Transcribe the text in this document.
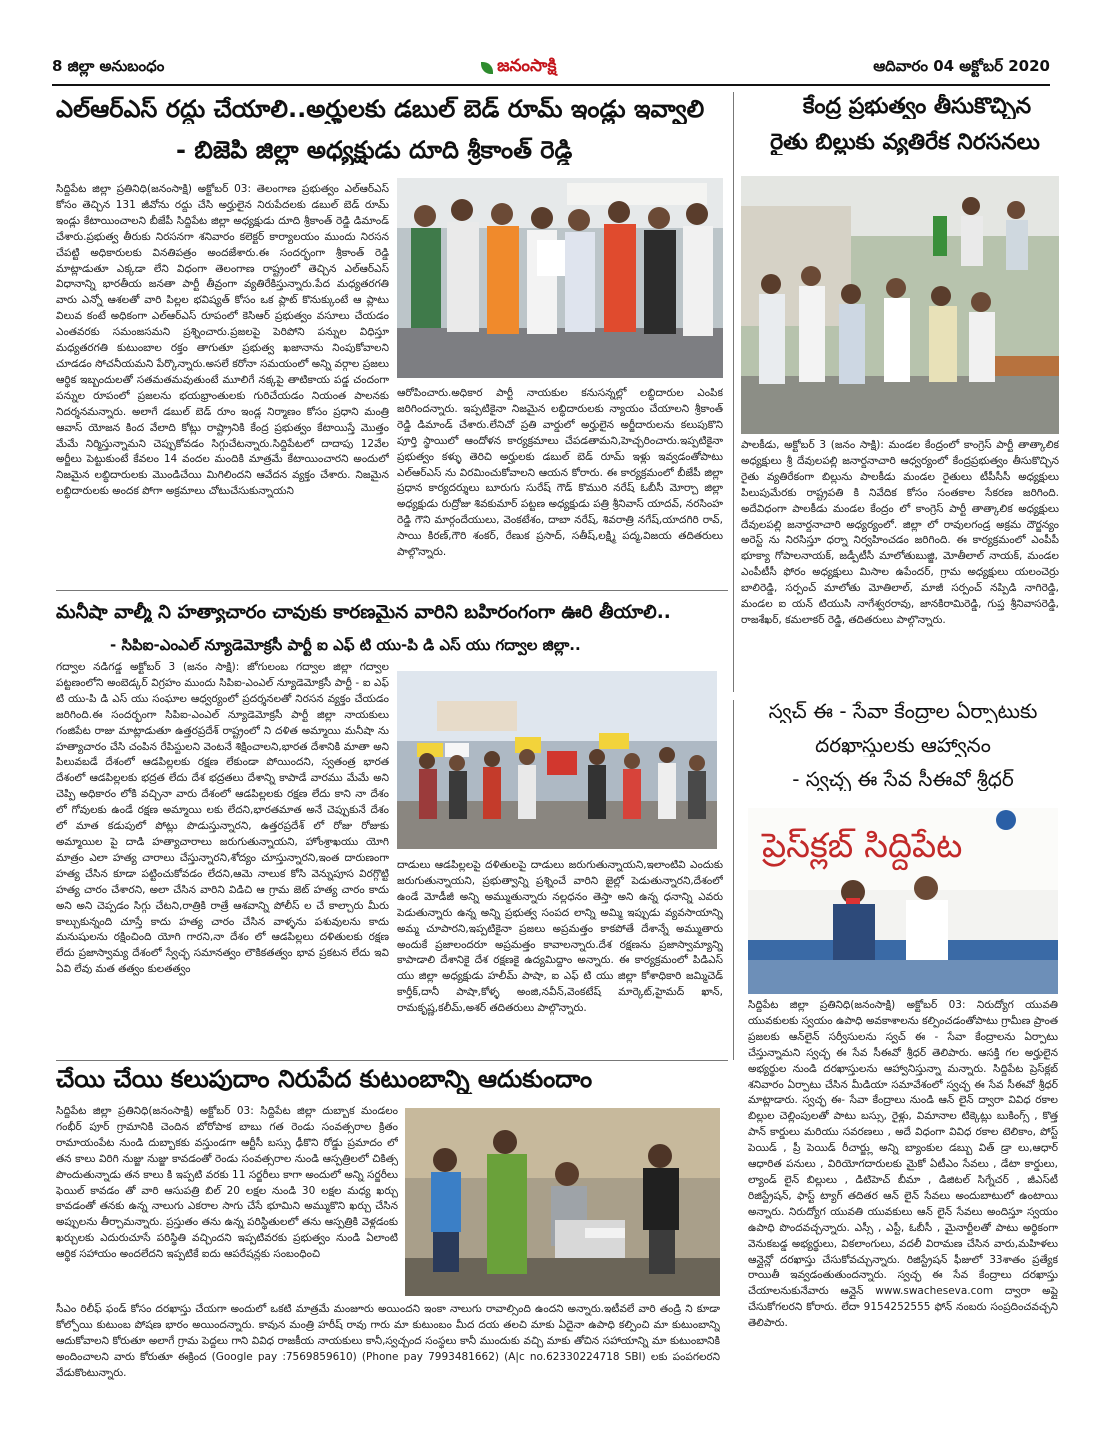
8 జిల్లా అనుబంధం	జనంసాక్షి	ఆదివారం 04 అక్టోబర్ 2020
ఎల్‌ఆర్‌ఎస్ రద్దు చేయాలి..అర్హులకు డబుల్ బెడ్ రూమ్ ఇండ్లు ఇవ్వాలి
- బిజెపి జిల్లా అధ్యక్షుడు దూది శ్రీకాంత్ రెడ్డి
సిద్దిపేట జిల్లా ప్రతినిధి(జనంసాక్షి) అక్టోబర్ 03: తెలంగాణ ప్రభుత్వం ఎల్‌ఆర్‌ఎస్ కోసం తెచ్చిన 131 జీవోను రద్దు చేసి అర్హులైన నిరుపేదలకు డబుల్ బెడ్ రూమ్ ఇండ్లు కేటాయించాలని బీజేపీ సిద్దిపేట జిల్లా అధ్యక్షుడు దూది శ్రీకాంత్ రెడ్డి డిమాండ్ చేశారు.ప్రభుత్వ తీరుకు నిరసనగా శనివారం కలెక్టర్ కార్యాలయం ముందు నిరసన చేపట్టి అధికారులకు వినతిపత్రం అందజేశారు.ఈ సందర్భంగా శ్రీకాంత్ రెడ్డి మాట్లాడుతూ ఎక్కడా లేని విధంగా తెలంగాణ రాష్ట్రంలో తెచ్చిన ఎల్‌ఆర్‌ఎస్ విధానాన్ని భారతీయ జనతా పార్టీ తీవ్రంగా వ్యతిరేకిస్తున్నారు.పేద మధ్యతరగతి వారు ఎన్నో ఆశలతో వారి పిల్లల భవిష్యత్ కోసం ఒక ప్లాట్ కొనుక్కుంటే ఆ ప్లాటు విలువ కంటే అధికంగా ఎల్‌ఆర్‌ఎస్ రూపంలో కెసిఆర్ ప్రభుత్వం వసూలు చేయడం ఎంతవరకు సమంజసమని ప్రశ్నించారు.ప్రజలపై పెరిపోని పన్నుల విధిస్తూ మధ్యతరగతి కుటుంబాల రక్తం తాగుతూ ప్రభుత్వ ఖజానాను నింపుకోవాలని చూడడం సోచనీయమని పేర్కొన్నారు.అసలే కరోనా సమయంలో అన్ని వర్గాల ప్రజలు ఆర్థిక ఇబ్బందులతో సతమతమవుతుంటే మూలిగే నక్కపై తాటికాయ పడ్డ చందంగా పన్నుల రూపంలో ప్రజలను భయభ్రాంతులకు గురిచేయడం నియంత పాలనకు నిదర్శనమన్నారు. అలాగే డబుల్ బెడ్ రూం ఇండ్ల నిర్మాణం కోసం ప్రధాని మంత్రి ఆవాస్ యోజన కింద వేలాది కోట్లు రాష్ట్రానికి కేంద్ర ప్రభుత్వం కేటాయిస్తే మొత్తం మేమే నిర్మిస్తున్నామని చెప్పుకోవడం సిగ్గుచేటన్నారు.సిద్దిపేటలో దాదాపు 12వేల అర్జీలు పెట్టుకుంటే కేవలం 14 వందల మందికి మాత్రమే కేటాయించారని అందులో నిజమైన లబ్ధిదారులకు మొండిచేయి మిగిలిందని ఆవేదన వ్యక్తం చేశారు. నిజమైన లబ్ధిదారులకు అందక పోగా అక్రమాలు చోటుచేసుకున్నాయని
ఆరోపించారు.అధికార పార్టీ నాయకుల కనుసన్నల్లో లబ్ధిదారుల ఎంపిక జరిగిందన్నారు. ఇప్పటికైనా నిజమైన లబ్ధిదారులకు న్యాయం చేయాలని శ్రీకాంత్ రెడ్డి డిమాండ్ చేశారు.లేనిచో ప్రతి వార్డులో అర్హులైన అర్జీదారులను కలుపుకొని పూర్తి స్థాయిలో ఆందోళన కార్యక్రమాలు చేపడతామని,హెచ్చరించారు.ఇప్పటికైనా ప్రభుత్వం కళ్ళు తెరిచి అర్హులకు డబుల్ బెడ్ రూమ్ ఇళ్లు ఇవ్వడంతోపాటు ఎల్‌ఆర్‌ఎస్ ను విరమించుకోవాలని ఆయన కోరారు. ఈ కార్యక్రమంలో బీజేపీ జిల్లా ప్రధాన కార్యదర్శులు బూరుగు సురేష్ గౌడ్ కొమురి నరేష్ ఓబీసీ మోర్చా జిల్లా అధ్యక్షుడు రుద్రోజు శివకుమార్ పట్టణ అధ్యక్షుడు పత్రి శ్రీనివాస్ యాదవ్, నరసింహ రెడ్డి గౌని మార్గందేయులు, వెంకటేశం, దాబా నరేష్, శివరాత్రి నగేష్,యాదగిరి రావ్, సాయి కిరణ్,గౌరి శంకర్, రేణుక ప్రసాద్, సతీష్,లక్ష్మి పద్మ,విజయ తదితరులు పాల్గొన్నారు.
కేంద్ర ప్రభుత్వం తీసుకొచ్చిన
రైతు బిల్లుకు వ్యతిరేక నిరసనలు
పాలకీడు, అక్టోబర్ 3 (జనం సాక్షి): మండల కేంద్రంలో కాంగ్రెస్ పార్టీ తాత్కాలిక అధ్యక్షులు శ్రీ దేవులపల్లి జనార్దనాచారి ఆధ్వర్యంలో కేంద్రప్రభుత్వం తీసుకొచ్చిన రైతు వ్యతిరేకంగా బిల్లును పాలకీడు మండల రైతులు టీపీసీసీ అధ్యక్షులు పిలుపుమేరకు రాష్ట్రపతి కి నివేదిక కోసం సంతకాల సేకరణ జరిగింది. అదేవిధంగా పాలకీడు మండల కేంద్రం లో కాంగ్రెస్ పార్టీ తాత్కాలిక అధ్యక్షులు దేవులపల్లి జనార్దనాచారి అధ్యర్యంలో. జిల్లా లో రావులగండ్ర అక్రమ దౌర్జన్యం అరెస్ట్ ను నిరసిస్తూ ధర్నా నిర్వహించడం జరిగింది. ఈ కార్యక్రమంలో ఎంపీపీ భూక్యా గోపాలనాయక్, జడ్పీటీసీ మాలోతుబుజ్జి, మోతీలాల్ నాయక్, మండల ఎంపీటీసీ ఫోరం అధ్యక్షులు మిసాల ఉపేందర్, గ్రామ అధ్యక్షులు యలంచెర్రు బాలిరెడ్డి, సర్పంచ్ మాలోతు మోతిలాల్, మాజీ సర్పంచ్ నప్పిడి నాగిరెడ్డి, మండల ఐ యన్ టియుసి నాగేశ్వరరావు, జానకిరామిరెడ్డి, గుప్త శ్రీనివాసరెడ్డి, రాజశేఖర్, కమలాకర్ రెడ్డి, తదితరులు పాల్గొన్నారు.
మనీషా వాల్మీ ని హత్యాచారం చావుకు కారణమైన వారిని బహిరంగంగా ఊరి తీయాలి..
- సిపిఐ-ఎంఎల్ న్యూడెమోక్రసీ పార్టీ ఐ ఎఫ్ టి యు-పి డి ఎస్ యు గద్వాల జిల్లా..
గద్వాల నడిగడ్డ అక్టోబర్ 3 (జనం సాక్షి): జోగులంబ గద్వాల జిల్లా గద్వాల పట్టణంలోని అంబెడ్కర్ విగ్రహం ముందు సిపిఐ-ఎంఎల్ న్యూడెమోక్రసీ పార్టీ - ఐ ఎఫ్ టి యు-పి డి ఎస్ యు సంఘాల ఆధ్వర్యంలో ప్రదర్శనలతో నిరసన వ్యక్తం చేయడం జరిగింది.ఈ సందర్భంగా సిపిఐ-ఎంఎల్ న్యూడెమోక్రసీ పార్టీ జిల్లా నాయకులు గంజిపేట రాజు మాట్లాడుతూ ఉత్తరప్రదేశ్ రాష్ట్రంలో ని దళిత అమ్మాయి మనీషా ను హత్యాచారం చేసి చంపిన రేపిస్టులని వెంటనే శిక్షించాలని,భారత దేశానికి మాతా అని పిలువబడే దేశంలో ఆడపిల్లలకు రక్షణ లేకుండా పోయిందని, స్వతంత్ర భారత దేశంలో ఆడపిల్లలకు భద్రత లేదు దేశ భద్రతలు దేశాన్ని కాపాడే వారము మేమే అని చెప్పి అధికారం లోకి వచ్చినా వారు దేశంలో ఆడపిల్లలకు రక్షణ లేదు కాని నా దేశం లో గోవులకు ఉండే రక్షణ అమ్మాయి లకు లేదని,భారతమాత అనే చెప్పుకునే దేశం లో మాత కడుపులో పోట్లు పొడుస్తున్నారని, ఉత్తరప్రదేశ్ లో రోజు రోజుకు అమ్మాయిల పై దాడి హత్యాచారాలు జరుగుతున్నాయని, హోంశ్రాఖయు యోగి మాత్రం ఎలా హత్య చారాలు చేస్తున్నారని,శోద్యం చూస్తున్నారని,ఇంత దారుణంగా హత్య చేసిన కూడా పట్టించుకోవడం లేదని,ఆమె నాలుక కోసి వెన్నుపూస విరగ్గొట్టి హత్య చారం చేశారని, అలా చేసిన వారిని విడిచి ఆ గ్రామ జెట్ హత్య చారం కాదు అని అని చెప్పడం సిగ్గు చేటని,రాత్రికి రాత్రే ఆశవాన్ని పోలీస్ ల చే కాల్చారు మీరు కాల్చుకున్నంది చూస్తే కాదు హత్య చారం చేసిన వాళ్ళను పశువులను కాదు మనుషులను రక్షించింది యోగి గారని,నా దేశం లో ఆడపిల్లలు దళితులకు రక్షణ లేదు ప్రజాస్వామ్య దేశంలో స్వేచ్ఛ సమానత్వం లౌకికతత్వం భావ ప్రకటన లేదు ఇవి ఏవి లేవు మత తత్వం కులతత్వం
దాడులు ఆడపిల్లలపై దళితులపై దాడులు జరుగుతున్నాయని,ఇలాంటివి ఎందుకు జరుగుతున్నాయని, ప్రభుత్వాన్ని ప్రశ్నించే వారిని జైల్లో పెడుతున్నారని,దేశంలో ఉండే మోడీజీ అన్ని అమ్ముతున్నారు నల్లధనం తెస్తా అని ఉన్న ధనాన్ని ఎవరు పెడుతున్నారు ఉన్న అన్ని ప్రభుత్వ సంపద లాన్ని అమ్మి ఇప్పుడు వ్యవసాయాన్ని అమ్మ చూపారని,ఇప్పటికైనా ప్రజలు అప్రమత్తం కాకపోతే దేశాన్నే అమ్ముతారు అందుకే ప్రజాలందరూ అప్రమత్తం కావాలన్నారు.దేశ రక్షణను ప్రజాస్వామ్యాన్ని కాపాడాలి దేశానికై దేశ రక్షణకై ఉద్యమిద్దాం అన్నారు. ఈ కార్యక్రమంలో పిడిఎస్ యు జిల్లా అధ్యక్షుడు హలీమ్ పాషా, ఐ ఎఫ్ టి యు జిల్లా కోశాధికారి జమ్మిచెడ్ కార్తీక్,దానీ పాషా,కోళ్ళ అంజి,నవీన్,వెంకటేష్ మార్కెట్,హైమద్ ఖాన్, రామకృష్ణ,కలీమ్,అశర్ తదితరులు పాల్గొన్నారు.
స్వచ్ ఈ - సేవా కేంద్రాల ఏర్పాటుకు
దరఖాస్తులకు ఆహ్వానం
- స్వచ్ఛ ఈ సేవ సీఈవో శ్రీధర్
ప్రెస్‌క్లబ్ సిద్దిపేట
సిద్దిపేట జిల్లా ప్రతినిధి(జనంసాక్షి) అక్టోబర్ 03: నిరుద్యోగ యువతి యువకులకు స్వయం ఉపాధి అవకాశాలను కల్పించడంతోపాటు గ్రామీణ ప్రాంత ప్రజలకు ఆన్‌లైన్ సర్వీసులను స్వచ్ ఈ - సేవా కేంద్రాలను ఏర్పాటు చేస్తున్నామని స్వచ్ఛ ఈ సేవ సీఈవో శ్రీధర్ తెలిపారు. ఆసక్తి గల అర్హులైన అభ్యర్థుల నుండి దరఖాస్తులను ఆహ్వానిస్తున్నా మన్నారు. సిద్దిపేట ప్రెస్‌క్లబ్ శనివారం ఏర్పాటు చేసిన మీడియా సమావేశంలో స్వచ్ఛ ఈ సేవ సీఈవో శ్రీధర్ మాట్లాడారు. స్వచ్ఛ ఈ- సేవా కేంద్రాలు నుండి ఆన్ లైన్ ద్వారా వివిధ రకాల బిల్లుల చెల్లింపులతో పాటు బస్సు, రైళ్లు, విమానాల టిక్కెట్లు బుకింగ్స్ , కొత్త పాన్ కార్డులు మరియు సవరణలు , అదే విధంగా వివిధ రకాల టెలికాం, పోస్ట్ పెయిడ్ , ప్రీ పెయిడ్ రీచార్జ్లు అన్ని బ్యాంకుల డబ్బు విత్ డ్రా లు,ఆధార్ ఆధారిత పనులు , విరియోగదారులకు మైకో ఏటీఎం సేవలు , డేటా కార్డులు, ల్యాండ్ లైన్ బిల్లులు , డిటిహెచ్ బీమా , డిజిటల్ సిగ్నేచర్ , జీఎస్‌టీ రిజిస్ట్రేషన్, ఫాస్ట్ ట్యాగ్ తదితర ఆన్ లైన్ సేవలు అందుబాటులో ఉంటాయి అన్నారు. నిరుద్యోగ యువతి యువకులు ఆన్ లైన్ సేవలు అందిస్తూ స్వయం ఉపాధి పొందవచ్చన్నారు. ఎస్సీ , ఎస్టీ, ఓబీసీ , మైనార్టీలతో పాటు అర్థికంగా వెనుకబడ్డ అభ్యర్థులు, వికలాంగులు, వదలీ విరామణ చేసిన వారు,మహిళలు ఆన్లైన్లో దరఖాస్తు చేసుకోవచ్చున్నారు. రిజిస్ట్రేషన్ ఫీజులో 33శాతం ప్రత్యేక రాయితీ ఇవ్వడంతుతుందన్నారు. స్వచ్ఛ ఈ సేవ కేంద్రాలు దరఖాస్తు చేయాలనుకునేవారు ఆన్లైన్ www.swacheseva.com ద్వారా అప్లై చేసుకోగలరని కోరారు. లేదా 9154252555 ఫోన్ నంబరు సంప్రదించవచ్చని తెలిపారు.
చేయి చేయి కలుపుదాం నిరుపేద కుటుంబాన్ని ఆదుకుందాం
సిద్దిపేట జిల్లా ప్రతినిధి(జనంసాక్షి) అక్టోబర్ 03: సిద్దిపేట జిల్లా దుబ్బాక మండలం గంభీర్ పూర్ గ్రామానికి చెందిన బోరోపాక బాబు గత రెండు సంవత్సరాల క్రితం రామాయంపేట నుండి దుబ్బాకకు వస్తుండగా ఆర్టీసీ బస్సు ఢీకొని రోడ్డు ప్రమాదం లో తన కాలు విరిగి నుజ్జు నుజ్జు కావడంతో రెండు సంవత్సరాల నుండి ఆస్పత్రిలలో చికిత్స పొందుతున్నాడు తన కాలు కి ఇప్పటి వరకు 11 సర్జరీలు కాగా అందులో అన్ని సర్జరీలు ఫెయిల్ కావడం తో వారి ఆసుపత్రి బిల్ 20 లక్షల నుండి 30 లక్షల మధ్య ఖర్చు కావడంతో తనకు ఉన్న నాలుగు ఎకరాల సాగు చేసే భూమిని అమ్ముకొని ఖర్చు చేసిన అప్పులను తీర్చామన్నారు. ప్రస్తుతం తను ఉన్న పరిస్థితులలో తను ఆస్పత్రికి వెళ్లడంకు ఖర్చులకు ఎదురుచూసే పరిస్థితి వచ్చిందని ఇప్పటివరకు ప్రభుత్వం నుండి ఏలాంటి ఆర్థిక సహాయం అందలేదని ఇప్పటికే ఐదు ఆపరేషన్లకు సంబంధించి
సీఎం రిలీఫ్ ఫండ్ కోసం దరఖాస్తు చేయగా అందులో ఒకటి మాత్రమే మంజూరు అయిందని ఇంకా నాలుగు రావాల్సింది ఉందని అన్నారు.ఇటీవలే వారి తండ్రి ని కూడా కోల్పోయి కుటుంబ పోషణ భారం అయిందన్నారు. కావున మంత్రి హరీష్ రావు గారు మా కుటుంబం మీద దయ తలచి మాకు ఏదైనా ఉపాధి కల్పించి మా కుటుంబాన్ని ఆదుకోవాలని కోరుతూ అలాగే గ్రామ పెద్దలు గాని వివిధ రాజకీయ నాయకులు కానీ,స్వచ్చంద సంస్థలు కానీ ముందుకు వచ్చి మాకు తోచిన సహాయాన్ని మా కుటుంబానికి అందించాలని వారు కోరుతూ ఈక్రింద (Google pay :7569859610) (Phone pay 7993481662) (A|c no.62330224718 SBI) లకు పంపగలరని వేడుకొంటున్నారు.
